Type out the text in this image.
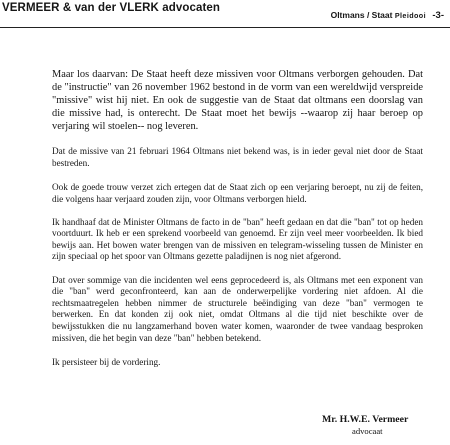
VERMEER & van der VLERK advocaten
Oltmans / Staat Pleidooi -3-

Maar los daarvan: De Staat heeft deze missiven voor Oltmans verborgen gehouden. Dat de "instructie" van 26 november 1962 bestond in de vorm van een wereldwijd verspreide "missive" wist hij niet. En ook de suggestie van de Staat dat oltmans een doorslag van die missive had, is onterecht. De Staat moet het bewijs --waarop zij haar beroep op verjaring wil stoelen-- nog leveren.

Dat de missive van 21 februari 1964 Oltmans niet bekend was, is in ieder geval niet door de Staat bestreden.

Ook de goede trouw verzet zich ertegen dat de Staat zich op een verjaring beroept, nu zij de feiten, die volgens haar verjaard zouden zijn, voor Oltmans verborgen hield.

Ik handhaaf dat de Minister Oltmans de facto in de "ban" heeft gedaan en dat die "ban" tot op heden voortduurt. Ik heb er een sprekend voorbeeld van genoemd. Er zijn veel meer voorbeelden. Ik bied bewijs aan. Het bowen water brengen van de missiven en telegram-wisseling tussen de Minister en zijn speciaal op het spoor van Oltmans gezette paladijnen is nog niet afgerond.

Dat over sommige van die incidenten wel eens geprocedeerd is, als Oltmans met een exponent van die "ban" werd geconfronteerd, kan aan de onderwerpelijke vordering niet afdoen. Al die rechtsmaatregelen hebben nimmer de structurele beëindiging van deze "ban" vermogen te berwerken. En dat konden zij ook niet, omdat Oltmans al die tijd niet beschikte over de bewijsstukken die nu langzamerhand boven water komen, waaronder de twee vandaag besproken missiven, die het begin van deze "ban" hebben betekend.

Ik persisteer bij de vordering.

Mr. H.W.E. Vermeer
advocaat
